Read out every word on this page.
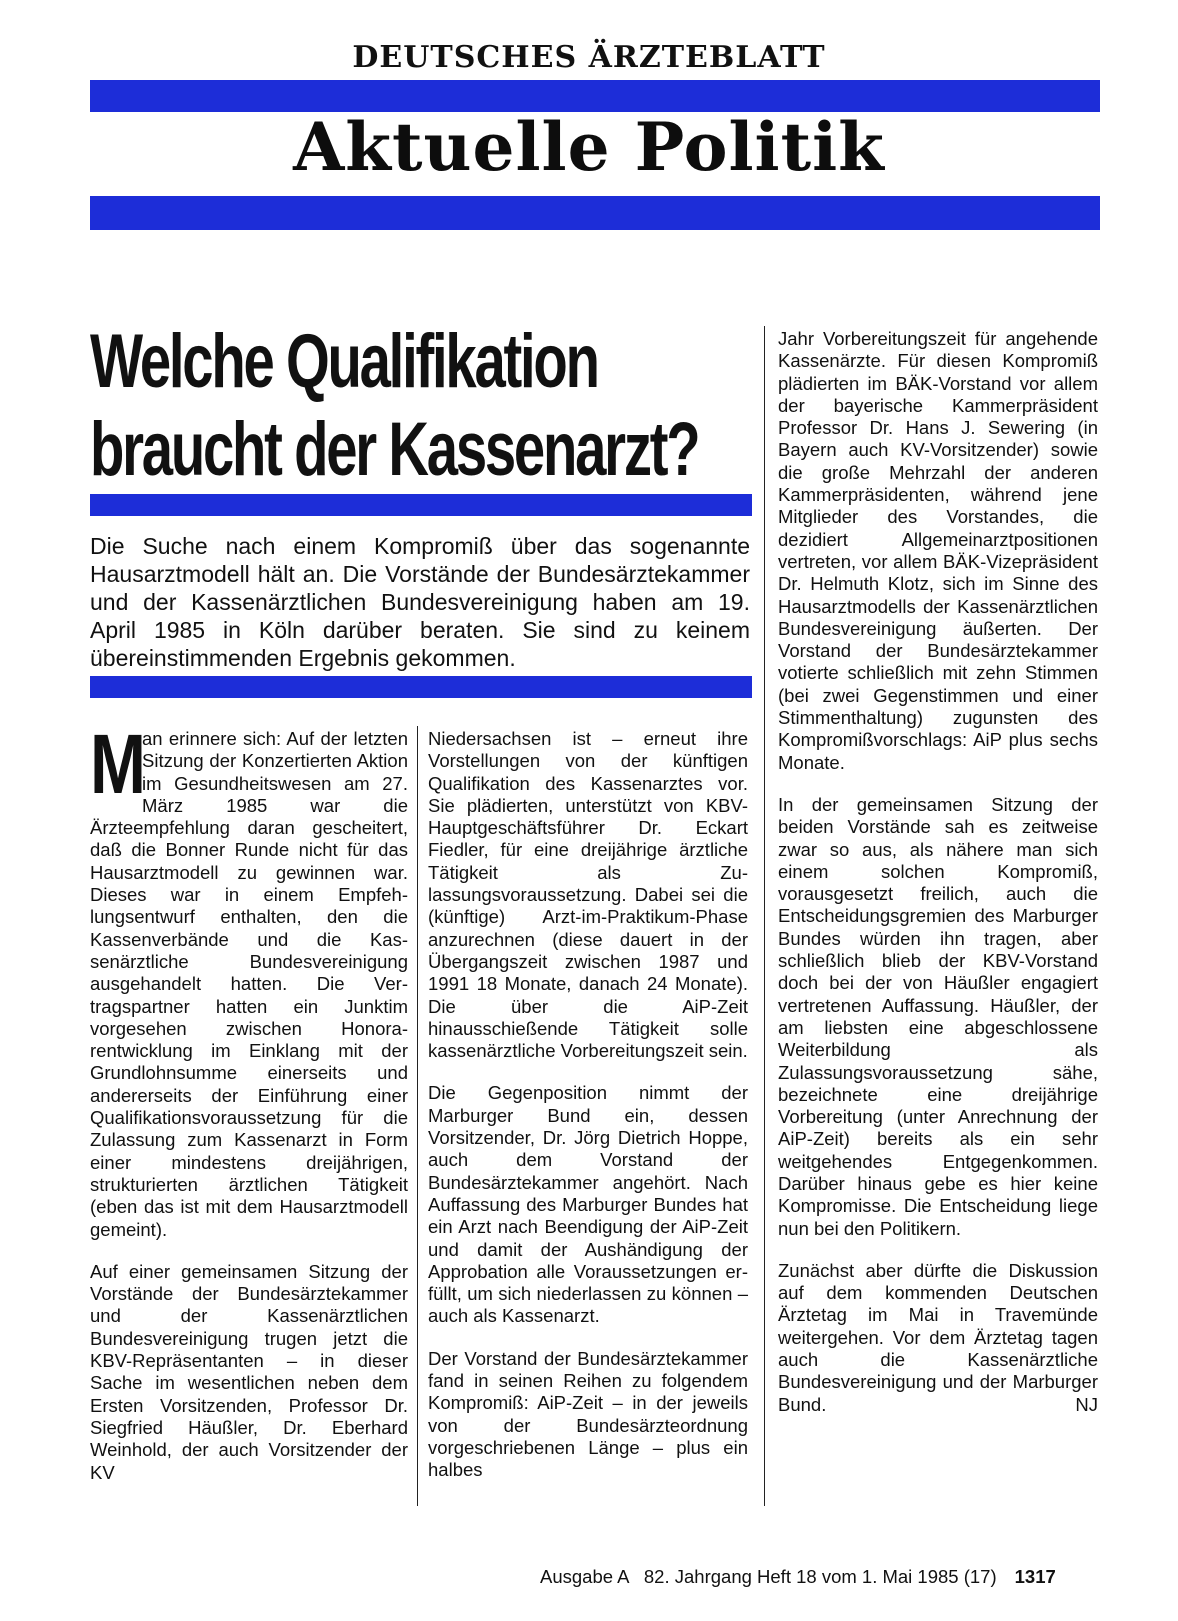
DEUTSCHES ÄRZTEBLATT
Aktuelle Politik
Welche Qualifikation
braucht der Kassenarzt?
Die Suche nach einem Kompromiß über das sogenannte Hausarztmodell hält an. Die Vorstände der Bundesärztekammer und der Kassenärztlichen Bundesvereinigung haben am 19. April 1985 in Köln darüber beraten. Sie sind zu keinem übereinstimmenden Ergebnis gekommen.

M
an erinnere sich: Auf der letzten Sitzung der Konzertierten Aktion im Gesundheitswesen am 27. März 1985 war die Ärzteempfehlung daran gescheitert, daß die Bonner Runde nicht für das Hausarztmodell zu gewinnen war. Dieses war in einem Empfehlungsentwurf enthalten, den die Kassenverbände und die Kassenärztliche Bundesvereinigung ausgehandelt hatten. Die Vertragspartner hatten ein Junktim vorgesehen zwischen Honorarentwicklung im Einklang mit der Grundlohnsumme einerseits und andererseits der Einführung einer Qualifikationsvoraussetzung für die Zulassung zum Kassenarzt in Form einer mindestens dreijährigen, strukturierten ärztlichen Tätigkeit (eben das ist mit dem Hausarztmodell gemeint).

Auf einer gemeinsamen Sitzung der Vorstände der Bundesärztekammer und der Kassenärztlichen Bundesvereinigung trugen jetzt die KBV-Repräsentanten – in dieser Sache im wesentlichen neben dem Ersten Vorsitzenden, Professor Dr. Siegfried Häußler, Dr. Eberhard Weinhold, der auch Vorsitzender der KV

Niedersachsen ist – erneut ihre Vorstellungen von der künftigen Qualifikation des Kassenarztes vor. Sie plädierten, unterstützt von KBV-Hauptgeschäftsführer Dr. Eckart Fiedler, für eine dreijährige ärztliche Tätigkeit als Zulassungsvoraussetzung. Dabei sei die (künftige) Arzt-im-Praktikum-Phase anzurechnen (diese dauert in der Übergangszeit zwischen 1987 und 1991 18 Monate, danach 24 Monate). Die über die AiP-Zeit hinausschießende Tätigkeit solle kassenärztliche Vorbereitungszeit sein.

Die Gegenposition nimmt der Marburger Bund ein, dessen Vorsitzender, Dr. Jörg Dietrich Hoppe, auch dem Vorstand der Bundesärztekammer angehört. Nach Auffassung des Marburger Bundes hat ein Arzt nach Beendigung der AiP-Zeit und damit der Aushändigung der Approbation alle Voraussetzungen erfüllt, um sich niederlassen zu können – auch als Kassenarzt.

Der Vorstand der Bundesärztekammer fand in seinen Reihen zu folgendem Kompromiß: AiP-Zeit – in der jeweils von der Bundesärzteordnung vorgeschriebenen Länge – plus ein halbes

Jahr Vorbereitungszeit für angehende Kassenärzte. Für diesen Kompromiß plädierten im BÄK-Vorstand vor allem der bayerische Kammerpräsident Professor Dr. Hans J. Sewering (in Bayern auch KV-Vorsitzender) sowie die große Mehrzahl der anderen Kammerpräsidenten, während jene Mitglieder des Vorstandes, die dezidiert Allgemeinarztpositionen vertreten, vor allem BÄK-Vizepräsident Dr. Helmuth Klotz, sich im Sinne des Hausarztmodells der Kassenärztlichen Bundesvereinigung äußerten. Der Vorstand der Bundesärztekammer votierte schließlich mit zehn Stimmen (bei zwei Gegenstimmen und einer Stimmenthaltung) zugunsten des Kompromißvorschlags: AiP plus sechs Monate.

In der gemeinsamen Sitzung der beiden Vorstände sah es zeitweise zwar so aus, als nähere man sich einem solchen Kompromiß, vorausgesetzt freilich, auch die Entscheidungsgremien des Marburger Bundes würden ihn tragen, aber schließlich blieb der KBV-Vorstand doch bei der von Häußler engagiert vertretenen Auffassung. Häußler, der am liebsten eine abgeschlossene Weiterbildung als Zulassungsvoraussetzung sähe, bezeichnete eine dreijährige Vorbereitung (unter Anrechnung der AiP-Zeit) bereits als ein sehr weitgehendes Entgegenkommen. Darüber hinaus gebe es hier keine Kompromisse. Die Entscheidung liege nun bei den Politikern.

Zunächst aber dürfte die Diskussion auf dem kommenden Deutschen Ärztetag im Mai in Travemünde weitergehen. Vor dem Ärztetag tagen auch die Kassenärztliche Bundesvereinigung und der Marburger Bund.	NJ

Ausgabe A   82. Jahrgang Heft 18 vom 1. Mai 1985 (17) 1317
